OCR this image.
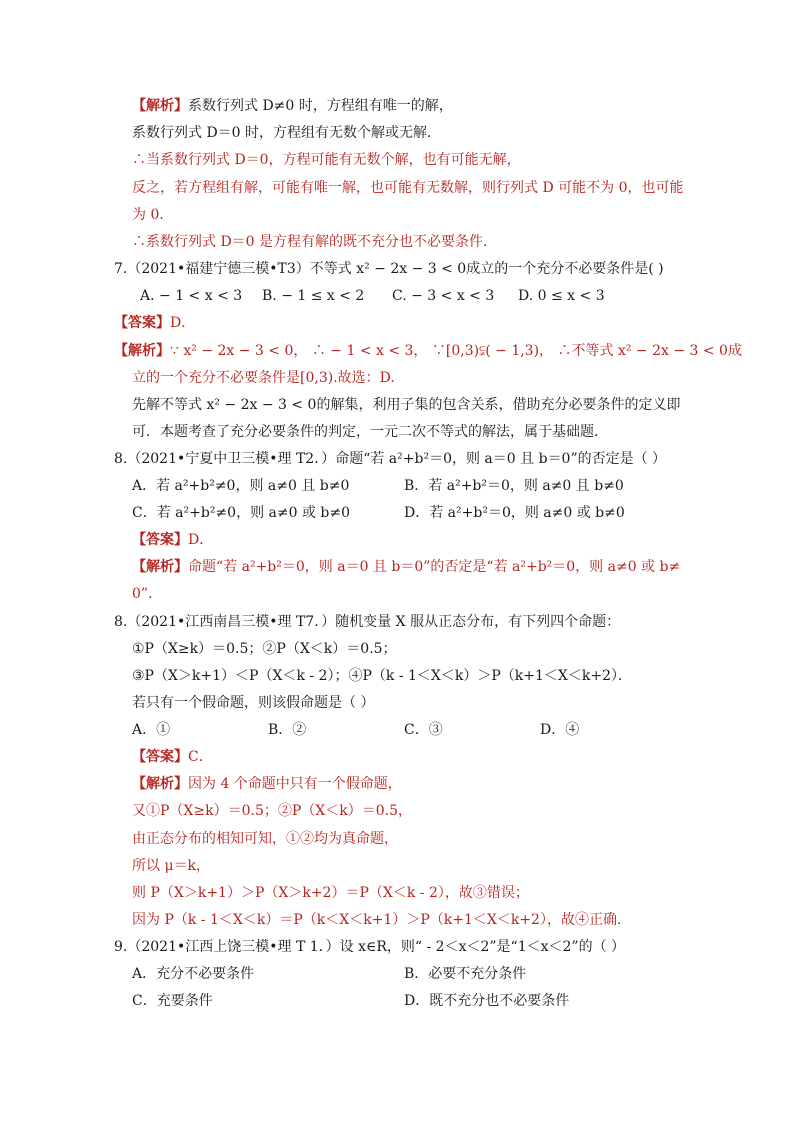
【解析】系数行列式 D≠0 时，方程组有唯一的解，
系数行列式 D＝0 时，方程组有无数个解或无解．
∴当系数行列式 D＝0，方程可能有无数个解，也有可能无解，
反之，若方程组有解，可能有唯一解，也可能有无数解，则行列式 D 可能不为 0，也可能
为 0．
∴系数行列式 D＝0 是方程有解的既不充分也不必要条件．
7.（2021•福建宁德三模•T3）不等式 x² − 2x − 3 < 0成立的一个充分不必要条件是( )
A. − 1 < x < 3 B. − 1 ≤ x < 2 C. − 3 < x < 3 D. 0 ≤ x < 3
【答案】D．
【解析】∵ x² − 2x − 3 < 0， ∴ − 1 < x < 3， ∵[0,3)⫋( − 1,3)， ∴不等式 x² − 2x − 3 < 0成
立的一个充分不必要条件是[0,3).故选：D.
先解不等式 x² − 2x − 3 < 0的解集，利用子集的包含关系，借助充分必要条件的定义即
可．本题考查了充分必要条件的判定，一元二次不等式的解法，属于基础题．
8.（2021•宁夏中卫三模•理 T2．）命题“若 a²+b²＝0，则 a＝0 且 b＝0”的否定是（ ）
A．若 a²+b²≠0，则 a≠0 且 b≠0	B．若 a²+b²＝0，则 a≠0 且 b≠0
C．若 a²+b²≠0，则 a≠0 或 b≠0	D．若 a²+b²＝0，则 a≠0 或 b≠0
【答案】D．
【解析】命题“若 a²+b²＝0，则 a＝0 且 b＝0”的否定是“若 a²+b²＝0，则 a≠0 或 b≠
0”．
8.（2021•江西南昌三模•理 T7．）随机变量 X 服从正态分布，有下列四个命题：
①P（X≥k）＝0.5；②P（X＜k）＝0.5；
③P（X＞k+1）＜P（X＜k - 2）；④P（k - 1＜X＜k）＞P（k+1＜X＜k+2）．
若只有一个假命题，则该假命题是（ ）
A．①	B．②	C．③	D．④
【答案】C．
【解析】因为 4 个命题中只有一个假命题，
又①P（X≥k）＝0.5；②P（X＜k）＝0.5，
由正态分布的相知可知，①②均为真命题，
所以 μ＝k，
则 P（X＞k+1）＞P（X＞k+2）＝P（X＜k - 2），故③错误；
因为 P（k - 1＜X＜k）＝P（k＜X＜k+1）＞P（k+1＜X＜k+2），故④正确．
9.（2021•江西上饶三模•理 T 1．）设 x∈R，则“ - 2＜x＜2”是“1＜x＜2”的（ ）
A．充分不必要条件	B．必要不充分条件
C．充要条件	D．既不充分也不必要条件
